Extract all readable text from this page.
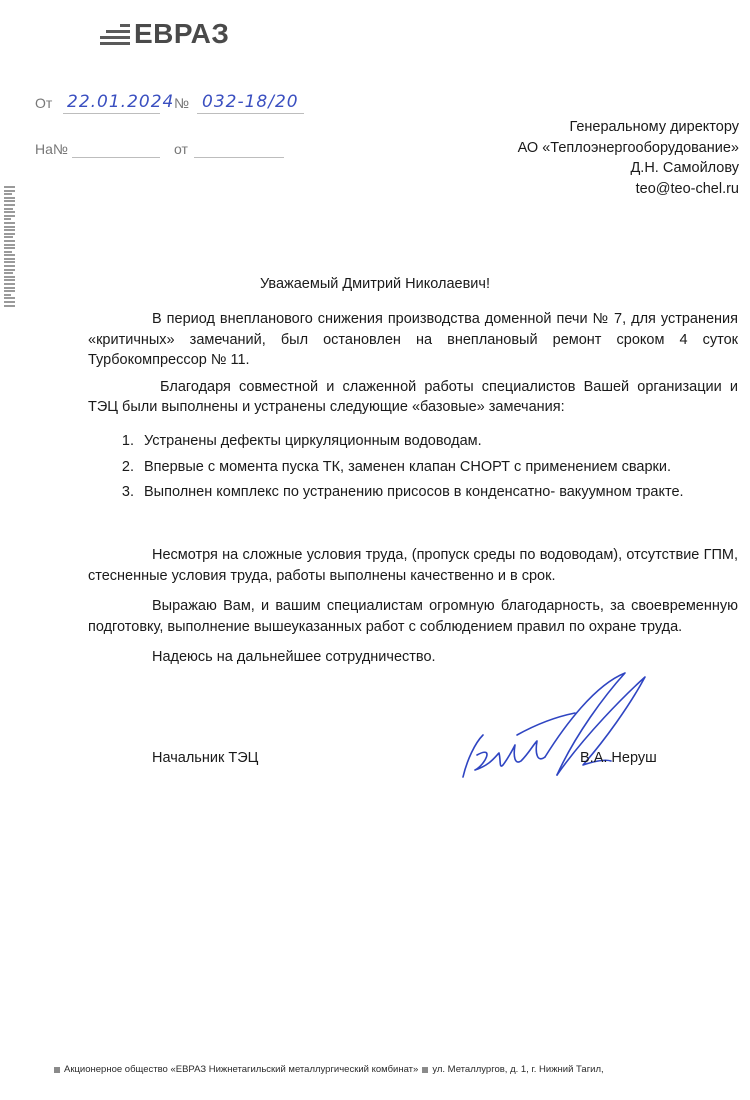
ЕВРАЗ
От 22.01.2024 № 032-18/20
На№	от
Генеральному директору
АО «Теплоэнергооборудование»
Д.Н. Самойлову
teo@teo-chel.ru
Уважаемый Дмитрий Николаевич!

В период внепланового снижения производства доменной печи № 7, для устранения «критичных» замечаний, был остановлен на внеплановый ремонт сроком 4 суток Турбокомпрессор № 11.

Благодаря совместной и слаженной работы специалистов Вашей организации и ТЭЦ были выполнены и устранены следующие «базовые» замечания:

1. Устранены дефекты циркуляционным водоводам.
2. Впервые с момента пуска ТК, заменен клапан СНОРТ с применением сварки.
3. Выполнен комплекс по устранению присосов в конденсатно- вакуумном тракте.

Несмотря на сложные условия труда, (пропуск среды по водоводам), отсутствие ГПМ, стесненные условия труда, работы выполнены качественно и в срок.

Выражаю Вам, и вашим специалистам огромную благодарность, за своевременную подготовку, выполнение вышеуказанных работ с соблюдением правил по охране труда.

Надеюсь на дальнейшее сотрудничество.

Начальник ТЭЦ	В.А. Неруш
Акционерное общество «ЕВРАЗ Нижнетагильский металлургический комбинат» ул. Металлургов, д. 1, г. Нижний Тагил,
